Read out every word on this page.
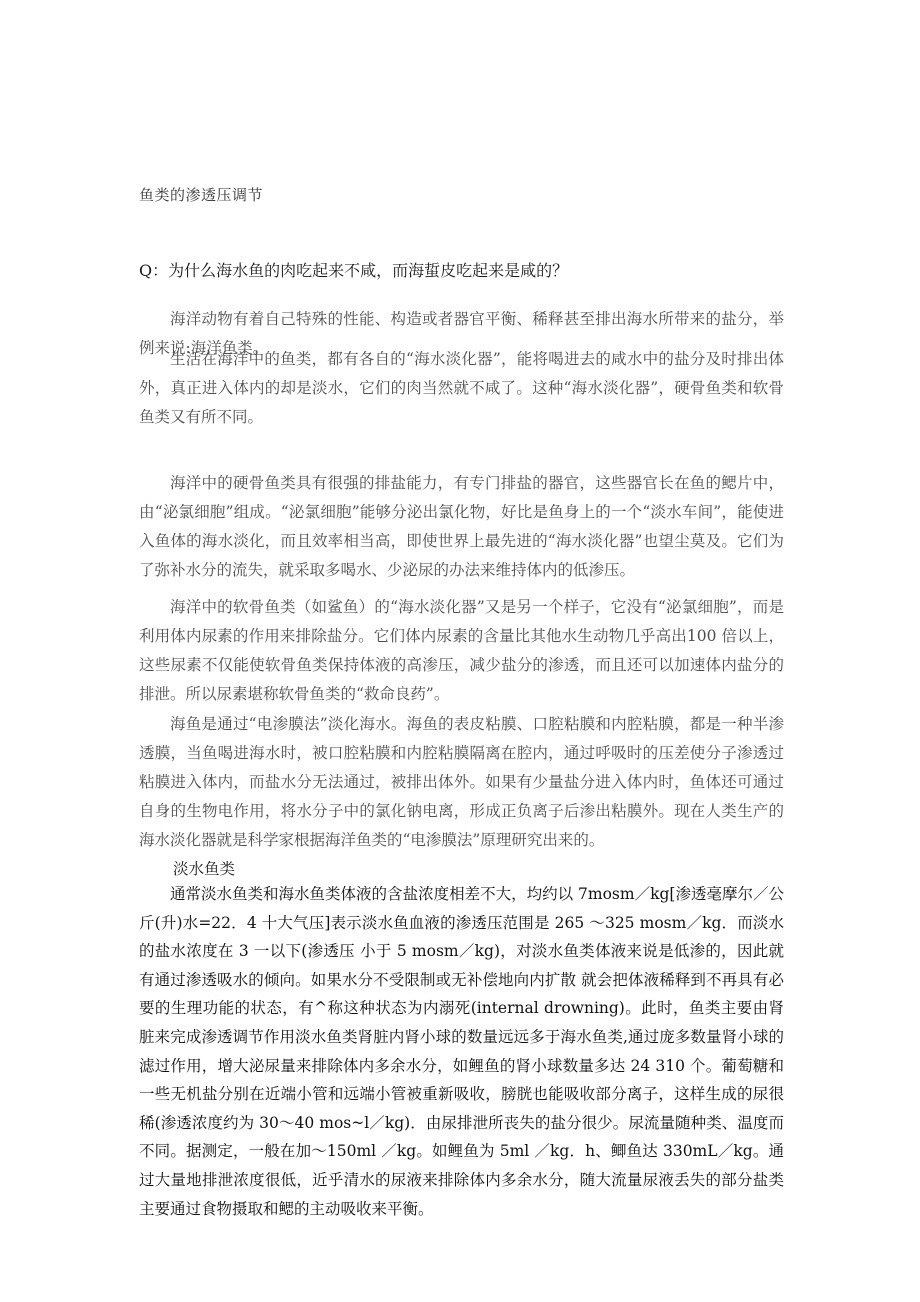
鱼类的渗透压调节
Q：为什么海水鱼的肉吃起来不咸，而海蜇皮吃起来是咸的？

海洋动物有着自己特殊的性能、构造或者器官平衡、稀释甚至排出海水所带来的盐分，举例来说:海洋鱼类。

生活在海洋中的鱼类，都有各自的“海水淡化器”，能将喝进去的咸水中的盐分及时排出体外，真正进入体内的却是淡水，它们的肉当然就不咸了。这种“海水淡化器”，硬骨鱼类和软骨鱼类又有所不同。

海洋中的硬骨鱼类具有很强的排盐能力，有专门排盐的器官，这些器官长在鱼的鳃片中，由“泌氯细胞”组成。“泌氯细胞”能够分泌出氯化物，好比是鱼身上的一个“淡水车间”，能使进入鱼体的海水淡化，而且效率相当高，即使世界上最先进的“海水淡化器”也望尘莫及。它们为了弥补水分的流失，就采取多喝水、少泌尿的办法来维持体内的低渗压。

海洋中的软骨鱼类（如鲨鱼）的“海水淡化器”又是另一个样子，它没有“泌氯细胞”，而是利用体内尿素的作用来排除盐分。它们体内尿素的含量比其他水生动物几乎高出100 倍以上，这些尿素不仅能使软骨鱼类保持体液的高渗压，减少盐分的渗透，而且还可以加速体内盐分的排泄。所以尿素堪称软骨鱼类的“救命良药”。

海鱼是通过“电渗膜法”淡化海水。海鱼的表皮粘膜、口腔粘膜和内腔粘膜，都是一种半渗透膜，当鱼喝进海水时，被口腔粘膜和内腔粘膜隔离在腔内，通过呼吸时的压差使分子渗透过粘膜进入体内，而盐水分无法通过，被排出体外。如果有少量盐分进入体内时，鱼体还可通过自身的生物电作用，将水分子中的氯化钠电离，形成正负离子后渗出粘膜外。现在人类生产的海水淡化器就是科学家根据海洋鱼类的“电渗膜法”原理研究出来的。

淡水鱼类

通常淡水鱼类和海水鱼类体液的含盐浓度相差不大，均约以 7mosm／kg[渗透毫摩尔／公斤(升)水=22．4 十大气压]表示淡水鱼血液的渗透压范围是 265 ～325 mosm／kg．而淡水的盐水浓度在 3 一以下(渗透压 小于 5 mosm／kg)，对淡水鱼类体液来说是低渗的，因此就有通过渗透吸水的倾向。如果水分不受限制或无补偿地向内扩散 就会把体液稀释到不再具有必要的生理功能的状态，有^称这种状态为内溺死(internal drowning)。此时，鱼类主要由肾脏来完成渗透调节作用淡水鱼类肾脏内肾小球的数量远远多于海水鱼类,通过庞多数量肾小球的滤过作用，增大泌尿量来排除体内多余水分，如鲤鱼的肾小球数量多达 24 310 个。葡萄糖和一些无机盐分别在近端小管和远端小管被重新吸收，膀胱也能吸收部分离子，这样生成的尿很稀(渗透浓度约为 30～40 mos~l／kg)．由尿排泄所丧失的盐分很少。尿流量随种类、温度而不同。据测定，一般在加～150ml ／kg。如鲤鱼为 5ml ／kg．h、鲫鱼达 330mL／kg。通过大量地排泄浓度很低，近乎清水的尿液来排除体内多余水分，随大流量尿液丢失的部分盐类主要通过食物摄取和鳃的主动吸收来平衡。
